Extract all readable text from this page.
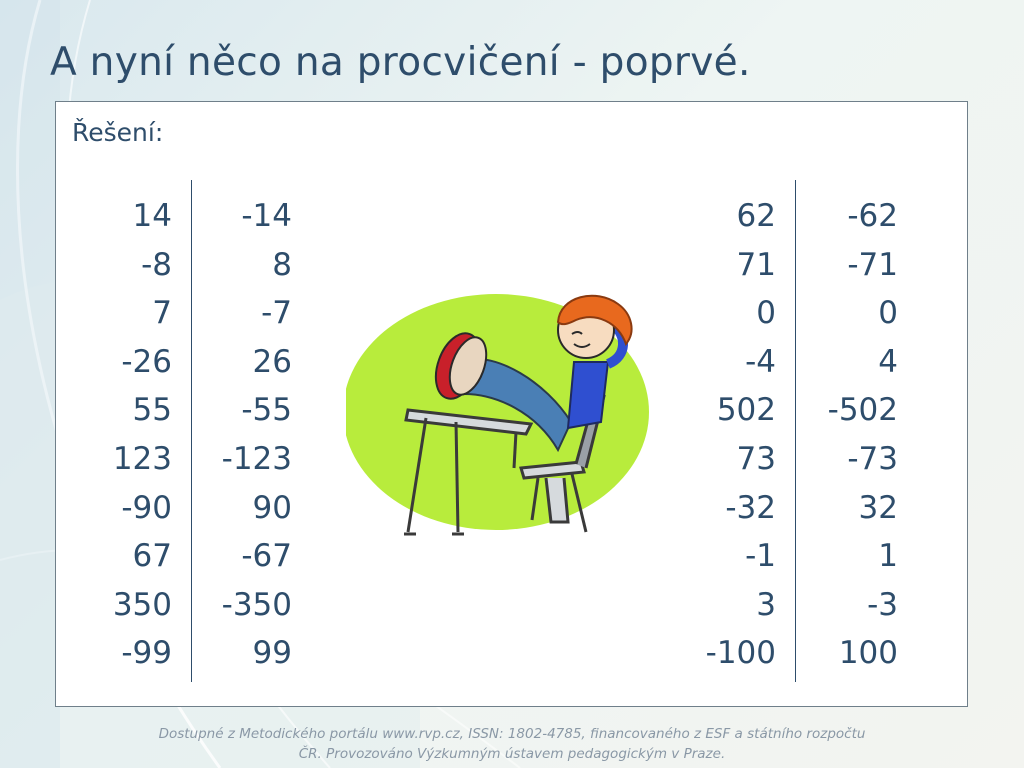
A nyní něco na procvičení - poprvé.
Řešení:
14
-8
7
-26
55
123
-90
67
350
-99
-14
8
-7
26
-55
-123
90
-67
-350
99
62
71
0
-4
502
73
-32
-1
3
-100
-62
-71
0
4
-502
-73
32
1
-3
100
Dostupné z Metodického portálu www.rvp.cz, ISSN: 1802-4785, financovaného z ESF a státního rozpočtu
ČR. Provozováno Výzkumným ústavem pedagogickým v Praze.
